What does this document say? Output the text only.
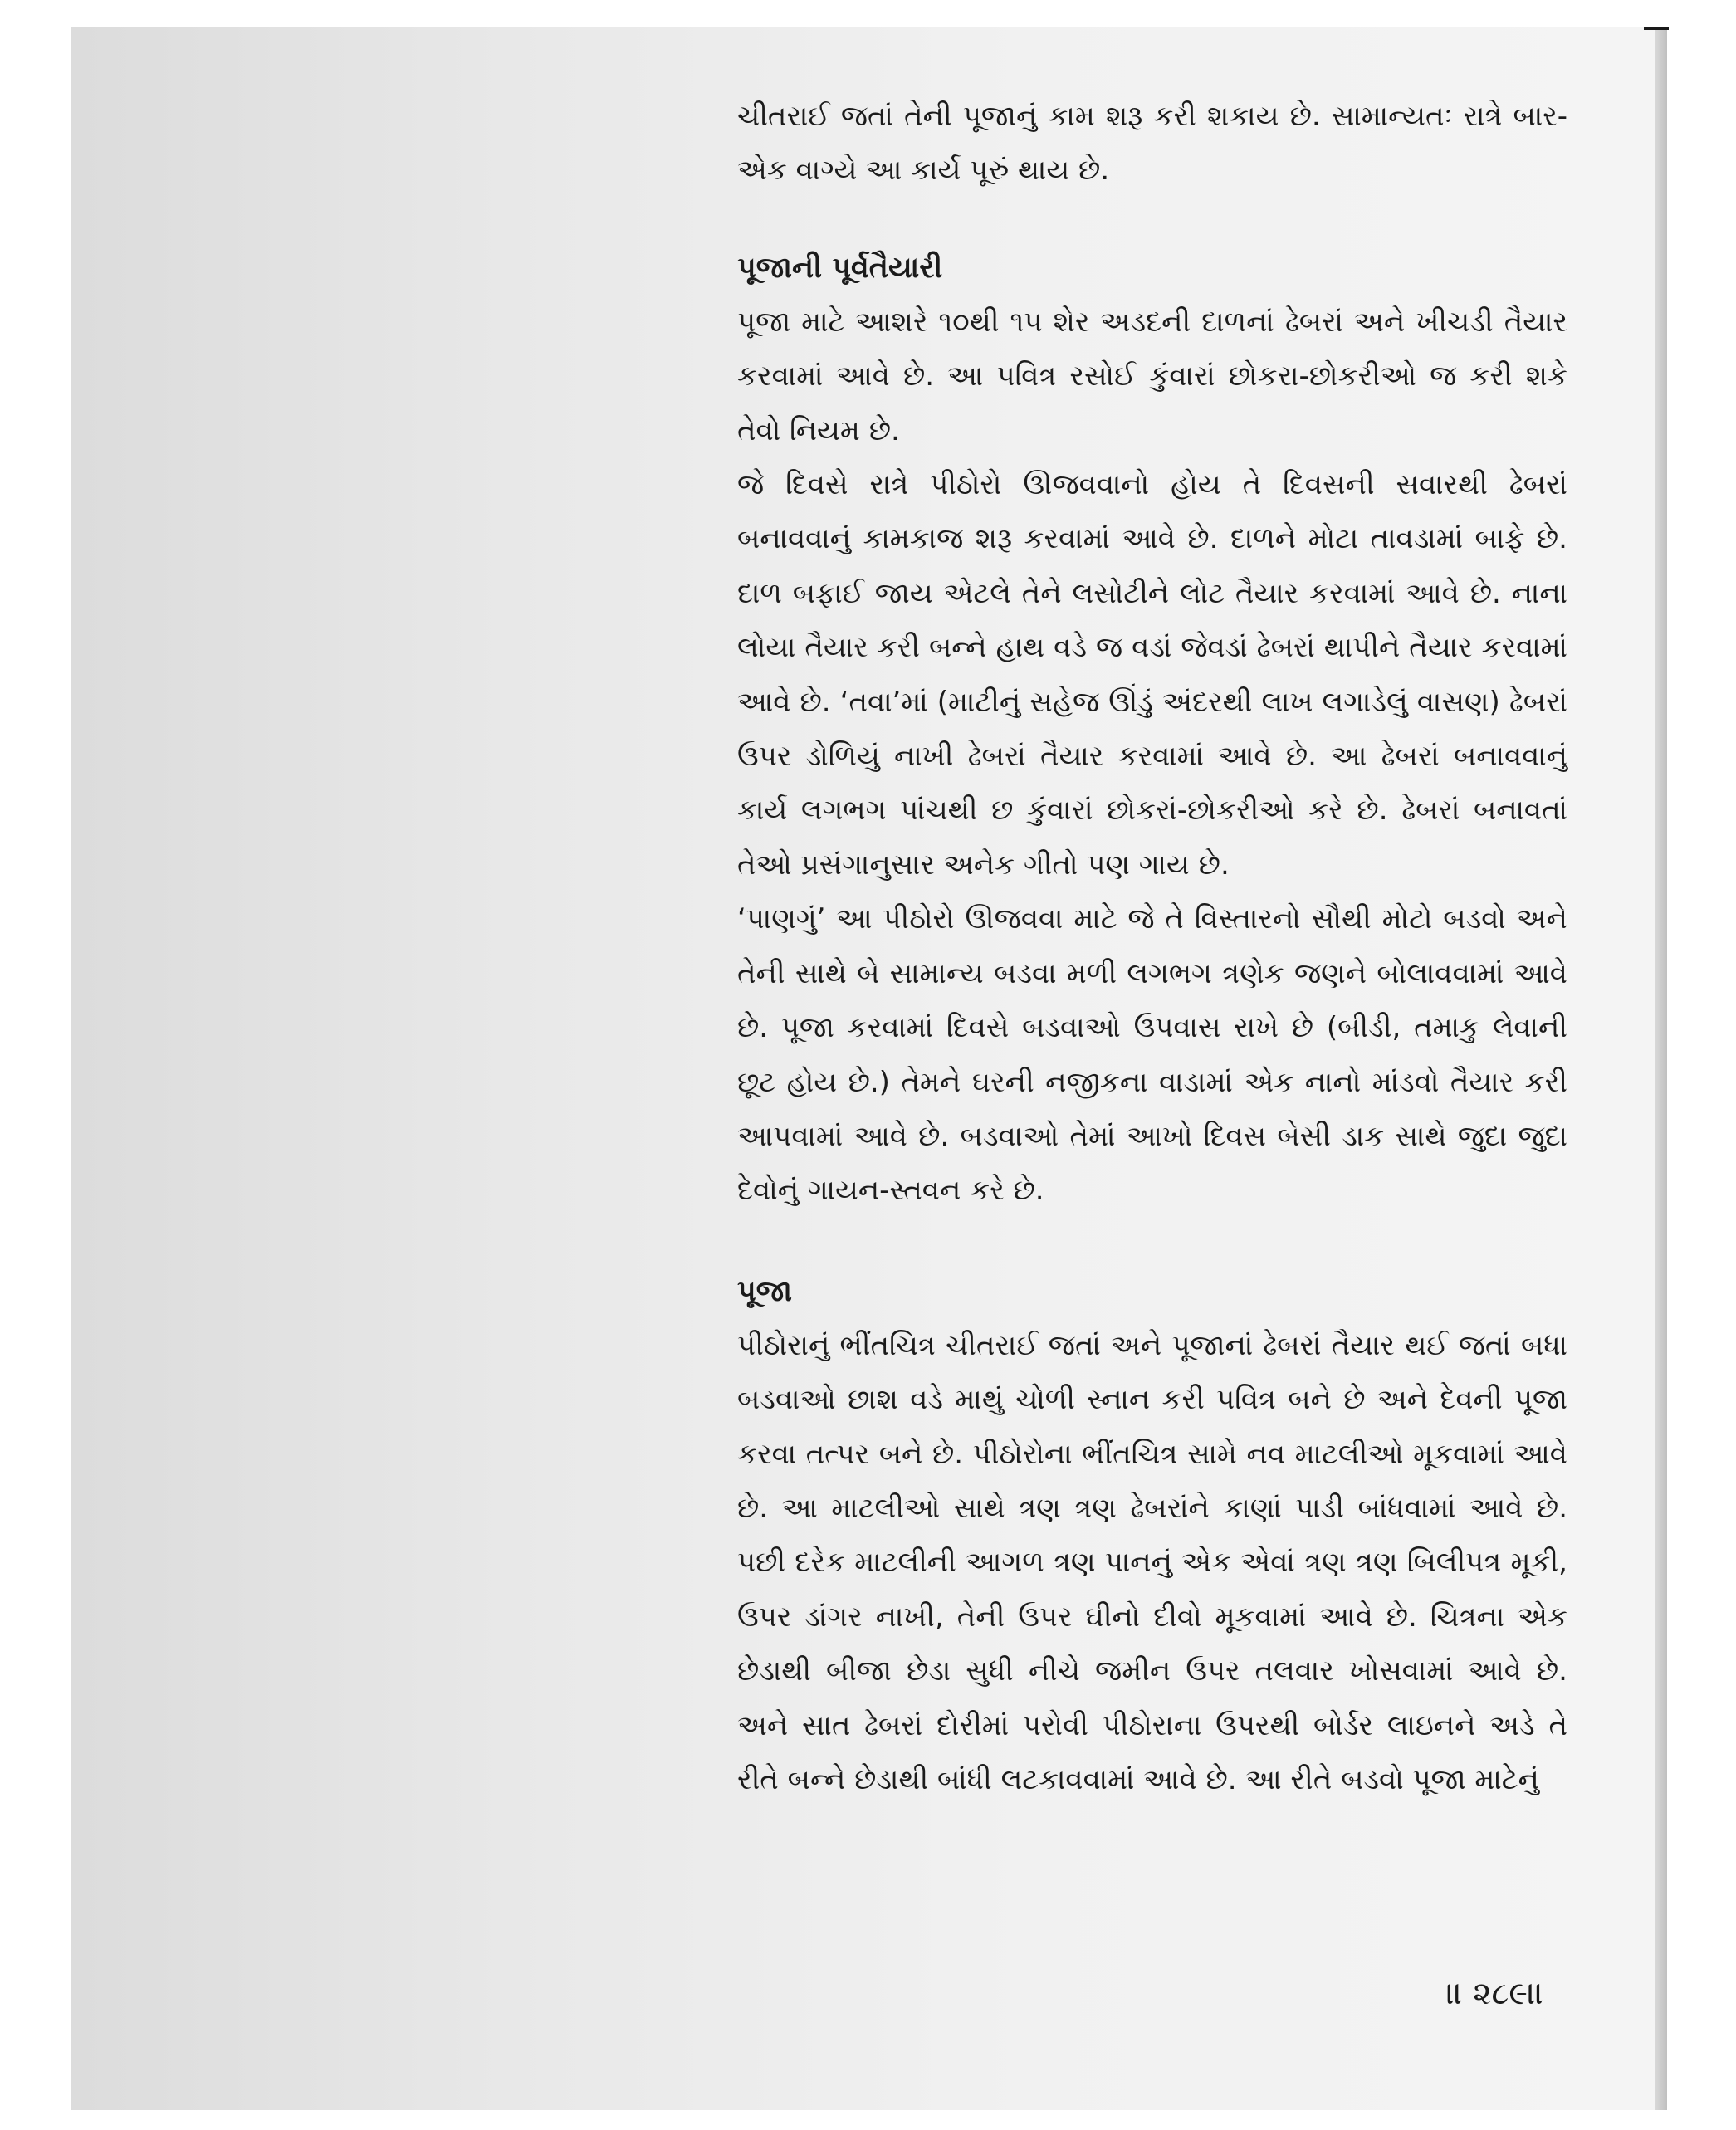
ચીતરાઈ જતાં તેની પૂજાનું કામ શરૂ કરી શકાય છે. સામાન્યતઃ રાત્રે બાર-એક વાગ્યે આ કાર્ય પૂરું થાય છે.

પૂજાની પૂર્વતૈયારી

પૂજા માટે આશરે ૧૦થી ૧૫ શેર અડદની દાળનાં ઢેબરાં અને ખીચડી તૈયાર કરવામાં આવે છે. આ પવિત્ર રસોઈ કુંવારાં છોકરા-છોકરીઓ જ કરી શકે તેવો નિયમ છે.

જે દિવસે રાત્રે પીઠોરો ઊજવવાનો હોય તે દિવસની સવારથી ઢેબરાં બનાવવાનું કામકાજ શરૂ કરવામાં આવે છે. દાળને મોટા તાવડામાં બાફે છે. દાળ બફાઈ જાય એટલે તેને લસોટીને લોટ તૈયાર કરવામાં આવે છે. નાના લોયા તૈયાર કરી બન્ને હાથ વડે જ વડાં જેવડાં ઢેબરાં થાપીને તૈયાર કરવામાં આવે છે. ‘તવા’માં (માટીનું સહેજ ઊંડું અંદરથી લાખ લગાડેલું વાસણ) ઢેબરાં ઉપર ડોળિયું નાખી ઢેબરાં તૈયાર કરવામાં આવે છે. આ ઢેબરાં બનાવવાનું કાર્ય લગભગ પાંચથી છ કુંવારાં છોકરાં-છોકરીઓ કરે છે. ઢેબરાં બનાવતાં તેઓ પ્રસંગાનુસાર અનેક ગીતો પણ ગાય છે.

‘પાણગું’ આ પીઠોરો ઊજવવા માટે જે તે વિસ્તારનો સૌથી મોટો બડવો અને તેની સાથે બે સામાન્ય બડવા મળી લગભગ ત્રણેક જણને બોલાવવામાં આવે છે. પૂજા કરવામાં દિવસે બડવાઓ ઉપવાસ રાખે છે (બીડી, તમાકુ લેવાની છૂટ હોય છે.) તેમને ઘરની નજીકના વાડામાં એક નાનો માંડવો તૈયાર કરી આપવામાં આવે છે. બડવાઓ તેમાં આખો દિવસ બેસી ડાક સાથે જુદા જુદા દેવોનું ગાયન-સ્તવન કરે છે.

પૂજા

પીઠોરાનું ભીંતચિત્ર ચીતરાઈ જતાં અને પૂજાનાં ઢેબરાં તૈયાર થઈ જતાં બધા બડવાઓ છાશ વડે માથું ચોળી સ્નાન કરી પવિત્ર બને છે અને દેવની પૂજા કરવા તત્પર બને છે. પીઠોરોના ભીંતચિત્ર સામે નવ માટલીઓ મૂકવામાં આવે છે. આ માટલીઓ સાથે ત્રણ ત્રણ ઢેબરાંને કાણાં પાડી બાંધવામાં આવે છે. પછી દરેક માટલીની આગળ ત્રણ પાનનું એક એવાં ત્રણ ત્રણ બિલીપત્ર મૂકી, ઉપર ડાંગર નાખી, તેની ઉપર ઘીનો દીવો મૂકવામાં આવે છે. ચિત્રના એક છેડાથી બીજા છેડા સુધી નીચે જમીન ઉપર તલવાર ખોસવામાં આવે છે. અને સાત ઢેબરાં દોરીમાં પરોવી પીઠોરાના ઉપરથી બોર્ડર લાઇનને અડે તે રીતે બન્ને છેડાથી બાંધી લટકાવવામાં આવે છે. આ રીતે બડવો પૂજા માટેનું

॥ ૨૮૯॥
